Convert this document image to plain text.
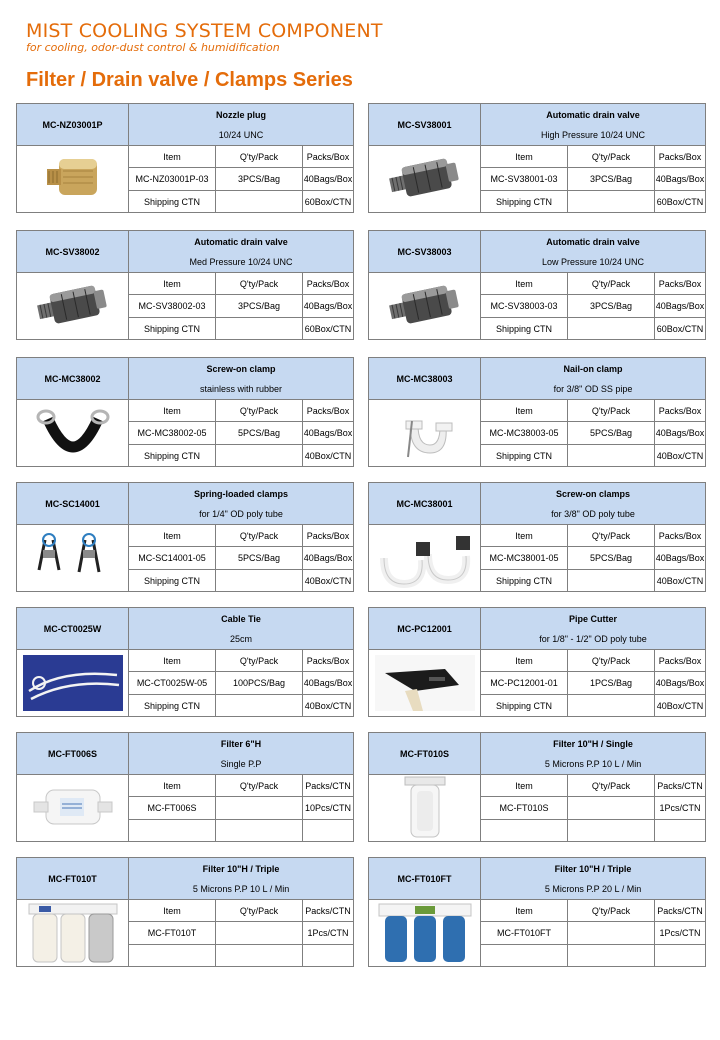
MIST COOLING SYSTEM COMPONENT
for cooling, odor-dust control & humidification
Filter / Drain valve / Clamps Series
MC-NZ03001P	Nozzle plug
10/24 UNC		

	Item	Q'ty/Pack	Packs/Box
	MC-NZ03001P-03	3PCS/Bag	40Bags/Box
	Shipping CTN		60Box/CTN
MC-SV38001	Automatic drain valve
High Pressure 10/24 UNC		

	Item	Q'ty/Pack	Packs/Box
	MC-SV38001-03	3PCS/Bag	40Bags/Box
	Shipping CTN		60Box/CTN
MC-SV38002	Automatic drain valve
Med Pressure 10/24 UNC		

	Item	Q'ty/Pack	Packs/Box
	MC-SV38002-03	3PCS/Bag	40Bags/Box
	Shipping CTN		60Box/CTN
MC-SV38003	Automatic drain valve
Low Pressure 10/24 UNC		

	Item	Q'ty/Pack	Packs/Box
	MC-SV38003-03	3PCS/Bag	40Bags/Box
	Shipping CTN		60Box/CTN
MC-MC38002	Screw-on clamp
stainless with rubber		

	Item	Q'ty/Pack	Packs/Box
	MC-MC38002-05	5PCS/Bag	40Bags/Box
	Shipping CTN		40Box/CTN
MC-MC38003	Nail-on clamp
for 3/8" OD SS pipe		

	Item	Q'ty/Pack	Packs/Box
	MC-MC38003-05	5PCS/Bag	40Bags/Box
	Shipping CTN		40Box/CTN
MC-SC14001	Spring-loaded clamps
for 1/4" OD poly tube		

	Item	Q'ty/Pack	Packs/Box
	MC-SC14001-05	5PCS/Bag	40Bags/Box
	Shipping CTN		40Box/CTN
MC-MC38001	Screw-on clamps
for 3/8" OD poly tube		

	Item	Q'ty/Pack	Packs/Box
	MC-MC38001-05	5PCS/Bag	40Bags/Box
	Shipping CTN		40Box/CTN
MC-CT0025W	Cable Tie
25cm		

	Item	Q'ty/Pack	Packs/Box
	MC-CT0025W-05	100PCS/Bag	40Bags/Box
	Shipping CTN		40Box/CTN
MC-PC12001	Pipe Cutter
for 1/8" - 1/2" OD poly tube		

	Item	Q'ty/Pack	Packs/Box
	MC-PC12001-01	1PCS/Bag	40Bags/Box
	Shipping CTN		40Box/CTN
MC-FT006S	Filter 6"H
Single P.P		

	Item	Q'ty/Pack	Packs/CTN
	MC-FT006S		10Pcs/CTN

MC-FT010S	Filter 10"H / Single
5 Microns P.P 10 L / Min		

	Item	Q'ty/Pack	Packs/CTN
	MC-FT010S		1Pcs/CTN

MC-FT010T	Filter 10"H / Triple
5 Microns P.P 10 L / Min		

	Item	Q'ty/Pack	Packs/CTN
	MC-FT010T		1Pcs/CTN

MC-FT010FT	Filter 10"H / Triple
5 Microns P.P 20 L / Min		

	Item	Q'ty/Pack	Packs/CTN
	MC-FT010FT		1Pcs/CTN
